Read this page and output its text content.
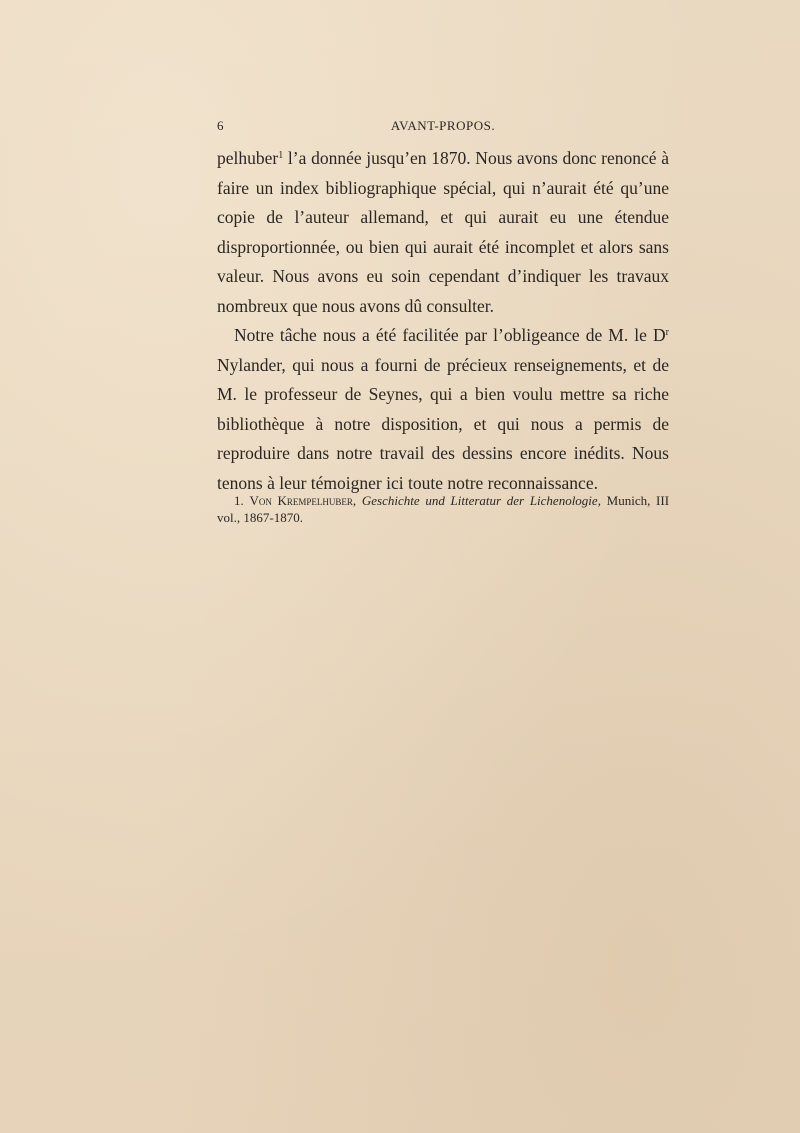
6	AVANT-PROPOS.

pelhuber$^1$ l’a donnée jusqu’en 1870. Nous avons donc renoncé à faire un index bibliographique spécial, qui n’aurait été qu’une copie de l’auteur allemand, et qui aurait eu une étendue disproportionnée, ou bien qui aurait été incomplet et alors sans valeur. Nous avons eu soin cependant d’indiquer les travaux nombreux que nous avons dû consulter.

Notre tâche nous a été facilitée par l’obligeance de M. le $D^r$ Nylander, qui nous a fourni de précieux renseignements, et de M. le professeur de Seynes, qui a bien voulu mettre sa riche bibliothèque à notre disposition, et qui nous a permis de reproduire dans notre travail des dessins encore inédits. Nous tenons à leur témoigner ici toute notre reconnaissance.

1. Von Krempelhuber, Geschichte und Litteratur der Lichenologie, Munich, III vol., 1867-1870.
